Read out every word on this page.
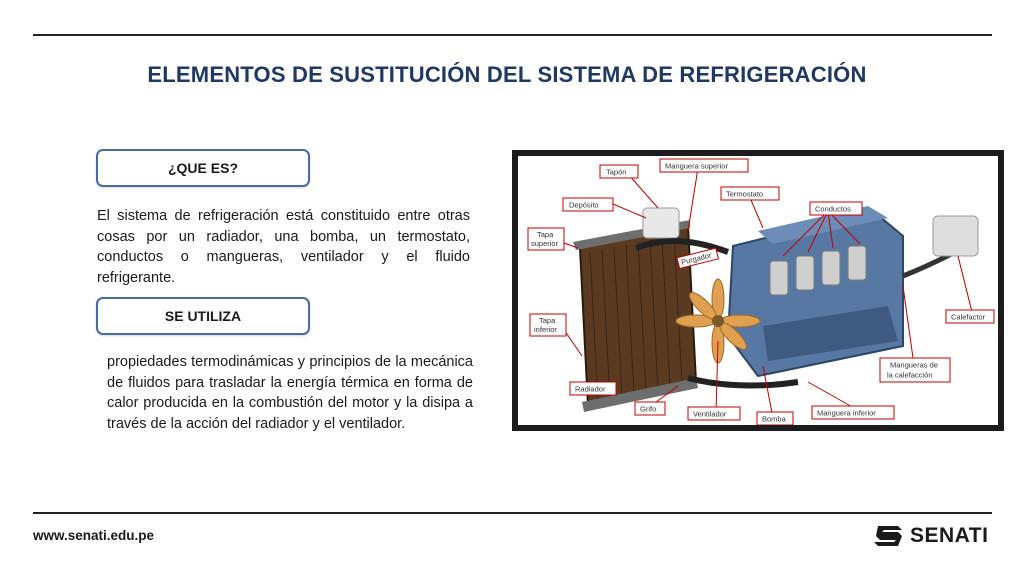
ELEMENTOS DE SUSTITUCIÓN DEL SISTEMA DE REFRIGERACIÓN
¿QUE ES?
El sistema de refrigeración está constituido entre otras cosas por un radiador, una bomba, un termostato, conductos o mangueras, ventilador y el fluido refrigerante.
SE UTILIZA
propiedades termodinámicas y principios de la mecánica de fluidos para trasladar la energía térmica en forma de calor producida en la combustión del motor y la disipa a través de la acción del radiador y el ventilador.
Tapón
Manguera superior
Depósito
Termostato
Conductos
Tapa
superior
Purgador
Tapa
inferior
Calefactor
Mangueras de
la calefacción
Radiador
Grifo
Ventilador
Bomba
Manguera inferior
www.senati.edu.pe	SENATI
